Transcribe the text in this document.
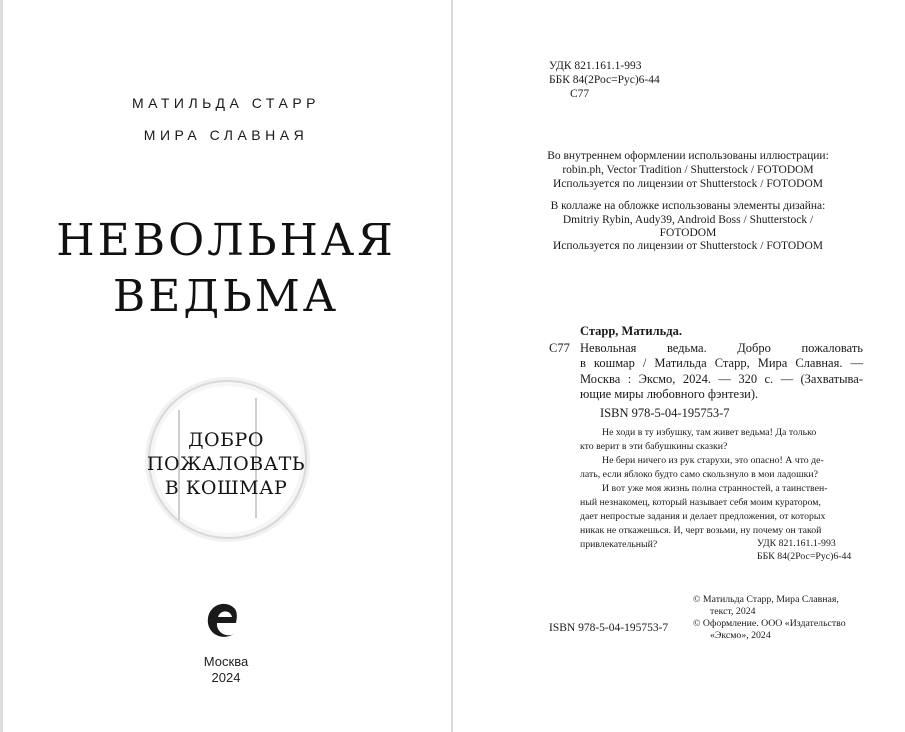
МАТИЛЬДА СТАРР
МИРА СЛАВНАЯ
НЕВОЛЬНАЯ
ВЕДЬМА
ДОБРО
ПОЖАЛОВАТЬ
В КОШМАР
Москва
2024
УДК 821.161.1-993
ББК 84(2Рос=Рус)6-44
С77
Во внутреннем оформлении использованы иллюстрации:
robin.ph, Vector Tradition / Shutterstock / FOTODOM
Используется по лицензии от Shutterstock / FOTODOM
В коллаже на обложке использованы элементы дизайна:
Dmitriy Rybin, Audy39, Android Boss / Shutterstock /
FOTODOM
Используется по лицензии от Shutterstock / FOTODOM
Старр, Матильда.
С77 Невольная ведьма. Добро пожаловать
в кошмар / Матильда Старр, Мира Славная. —
Москва : Эксмо, 2024. — 320 с. — (Захватыва-
ющие миры любовного фэнтези).
ISBN 978-5-04-195753-7
Не ходи в ту избушку, там живет ведьма! Да только
кто верит в эти бабушкины сказки?
Не бери ничего из рук старухи, это опасно! А что де-
лать, если яблоко будто само скользнуло в мои ладошки?
И вот уже моя жизнь полна странностей, а таинствен-
ный незнакомец, который называет себя моим куратором,
дает непростые задания и делает предложения, от которых
никак не откажешься. И, черт возьми, ну почему он такой
привлекательный?	УДК 821.161.1-993
ББК 84(2Рос=Рус)6-44
© Матильда Старр, Мира Славная,
текст, 2024
© Оформление. ООО «Издательство
«Эксмо», 2024
ISBN 978-5-04-195753-7
